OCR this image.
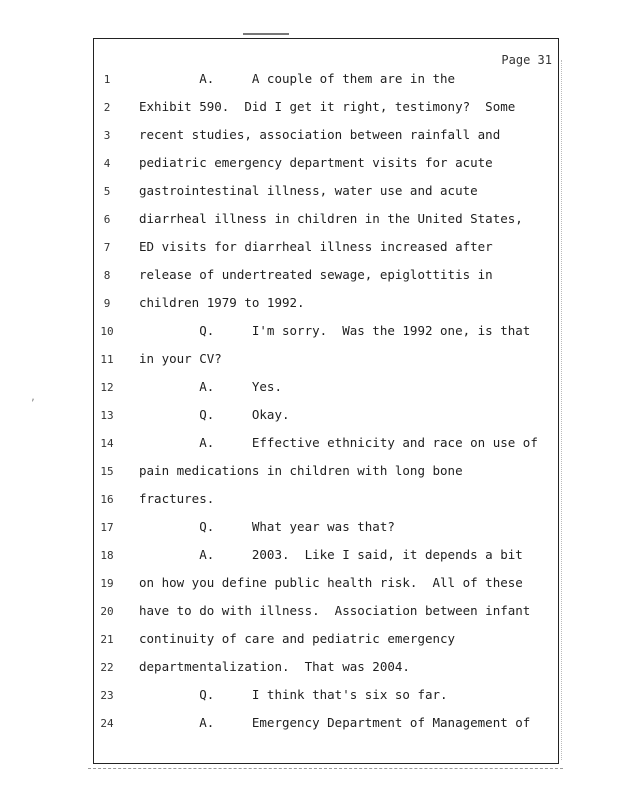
,
Page 31
1	A.     A couple of them are in the
2	Exhibit 590.  Did I get it right, testimony?  Some
3	recent studies, association between rainfall and
4	pediatric emergency department visits for acute
5	gastrointestinal illness, water use and acute
6	diarrheal illness in children in the United States,
7	ED visits for diarrheal illness increased after
8	release of undertreated sewage, epiglottitis in
9	children 1979 to 1992.
10	Q.     I'm sorry.  Was the 1992 one, is that
11	in your CV?
12	A.     Yes.
13	Q.     Okay.
14	A.     Effective ethnicity and race on use of
15	pain medications in children with long bone
16	fractures.
17	Q.     What year was that?
18	A.     2003.  Like I said, it depends a bit
19	on how you define public health risk.  All of these
20	have to do with illness.  Association between infant
21	continuity of care and pediatric emergency
22	departmentalization.  That was 2004.
23	Q.     I think that's six so far.
24	A.     Emergency Department of Management of
